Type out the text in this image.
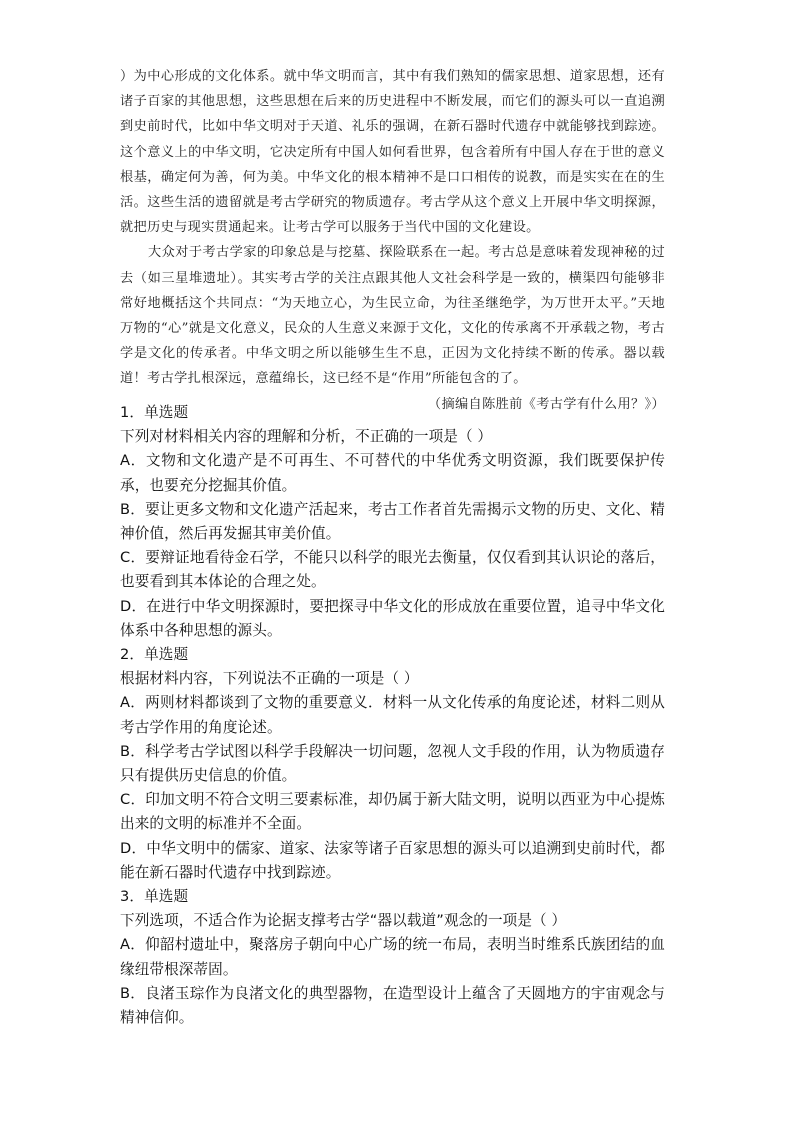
）为中心形成的文化体系。就中华文明而言，其中有我们熟知的儒家思想、道家思想，还有诸子百家的其他思想，这些思想在后来的历史进程中不断发展，而它们的源头可以一直追溯到史前时代，比如中华文明对于天道、礼乐的强调，在新石器时代遗存中就能够找到踪迹。这个意义上的中华文明，它决定所有中国人如何看世界，包含着所有中国人存在于世的意义根基，确定何为善，何为美。中华文化的根本精神不是口口相传的说教，而是实实在在的生活。这些生活的遗留就是考古学研究的物质遗存。考古学从这个意义上开展中华文明探源，就把历史与现实贯通起来。让考古学可以服务于当代中国的文化建设。

大众对于考古学家的印象总是与挖墓、探险联系在一起。考古总是意味着发现神秘的过去（如三星堆遗址）。其实考古学的关注点跟其他人文社会科学是一致的，横渠四句能够非常好地概括这个共同点：“为天地立心，为生民立命，为往圣继绝学，为万世开太平。”天地万物的“心”就是文化意义，民众的人生意义来源于文化，文化的传承离不开承载之物，考古学是文化的传承者。中华文明之所以能够生生不息，正因为文化持续不断的传承。器以载道！考古学扎根深远，意蕴绵长，这已经不是“作用”所能包含的了。

（摘编自陈胜前《考古学有什么用？》）

1．单选题

下列对材料相关内容的理解和分析，不正确的一项是（ ）

A．文物和文化遗产是不可再生、不可替代的中华优秀文明资源，我们既要保护传承，也要充分挖掘其价值。

B．要让更多文物和文化遗产活起来，考古工作者首先需揭示文物的历史、文化、精神价值，然后再发掘其审美价值。

C．要辩证地看待金石学，不能只以科学的眼光去衡量，仅仅看到其认识论的落后，也要看到其本体论的合理之处。

D．在进行中华文明探源时，要把探寻中华文化的形成放在重要位置，追寻中华文化体系中各种思想的源头。

2．单选题

根据材料内容，下列说法不正确的一项是（ ）

A．两则材料都谈到了文物的重要意义．材料一从文化传承的角度论述，材料二则从考古学作用的角度论述。

B．科学考古学试图以科学手段解决一切问题，忽视人文手段的作用，认为物质遗存只有提供历史信息的价值。

C．印加文明不符合文明三要素标准，却仍属于新大陆文明，说明以西亚为中心提炼出来的文明的标准并不全面。

D．中华文明中的儒家、道家、法家等诸子百家思想的源头可以追溯到史前时代，都能在新石器时代遗存中找到踪迹。

3．单选题

下列选项，不适合作为论据支撑考古学“器以载道”观念的一项是（ ）

A．仰韶村遗址中，聚落房子朝向中心广场的统一布局，表明当时维系氏族团结的血缘纽带根深蒂固。

B．良渚玉琮作为良渚文化的典型器物，在造型设计上蕴含了天圆地方的宇宙观念与精神信仰。
